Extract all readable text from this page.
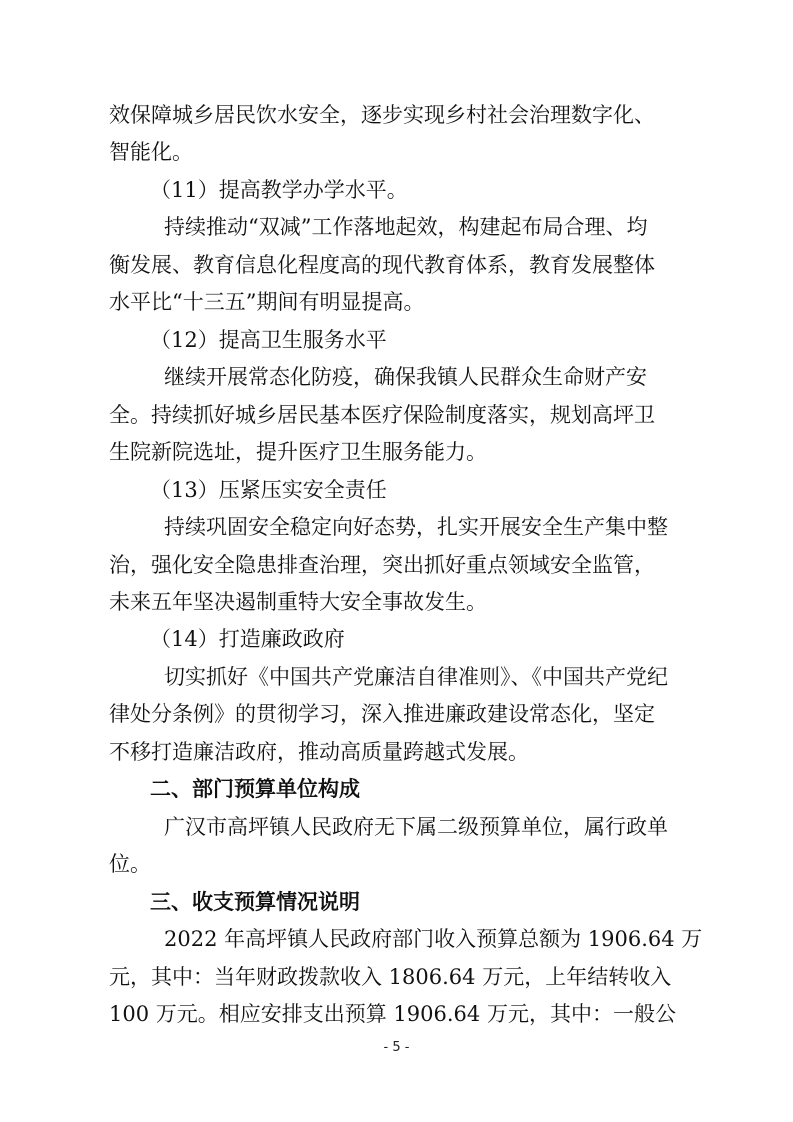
效保障城乡居民饮水安全，逐步实现乡村社会治理数字化、
智能化。
（11）提高教学办学水平。
持续推动“双减”工作落地起效，构建起布局合理、均
衡发展、教育信息化程度高的现代教育体系，教育发展整体
水平比“十三五”期间有明显提高。
（12）提高卫生服务水平
继续开展常态化防疫，确保我镇人民群众生命财产安
全。持续抓好城乡居民基本医疗保险制度落实，规划高坪卫
生院新院选址，提升医疗卫生服务能力。
（13）压紧压实安全责任
持续巩固安全稳定向好态势，扎实开展安全生产集中整
治，强化安全隐患排查治理，突出抓好重点领域安全监管，
未来五年坚决遏制重特大安全事故发生。
（14）打造廉政政府
切实抓好《中国共产党廉洁自律准则》、《中国共产党纪
律处分条例》的贯彻学习，深入推进廉政建设常态化，坚定
不移打造廉洁政府，推动高质量跨越式发展。
二、部门预算单位构成
广汉市高坪镇人民政府无下属二级预算单位，属行政单
位。
三、收支预算情况说明
2022 年高坪镇人民政府部门收入预算总额为 1906.64 万
元，其中：当年财政拨款收入 1806.64 万元，上年结转收入
100 万元。相应安排支出预算 1906.64 万元，其中：一般公
- 5 -
